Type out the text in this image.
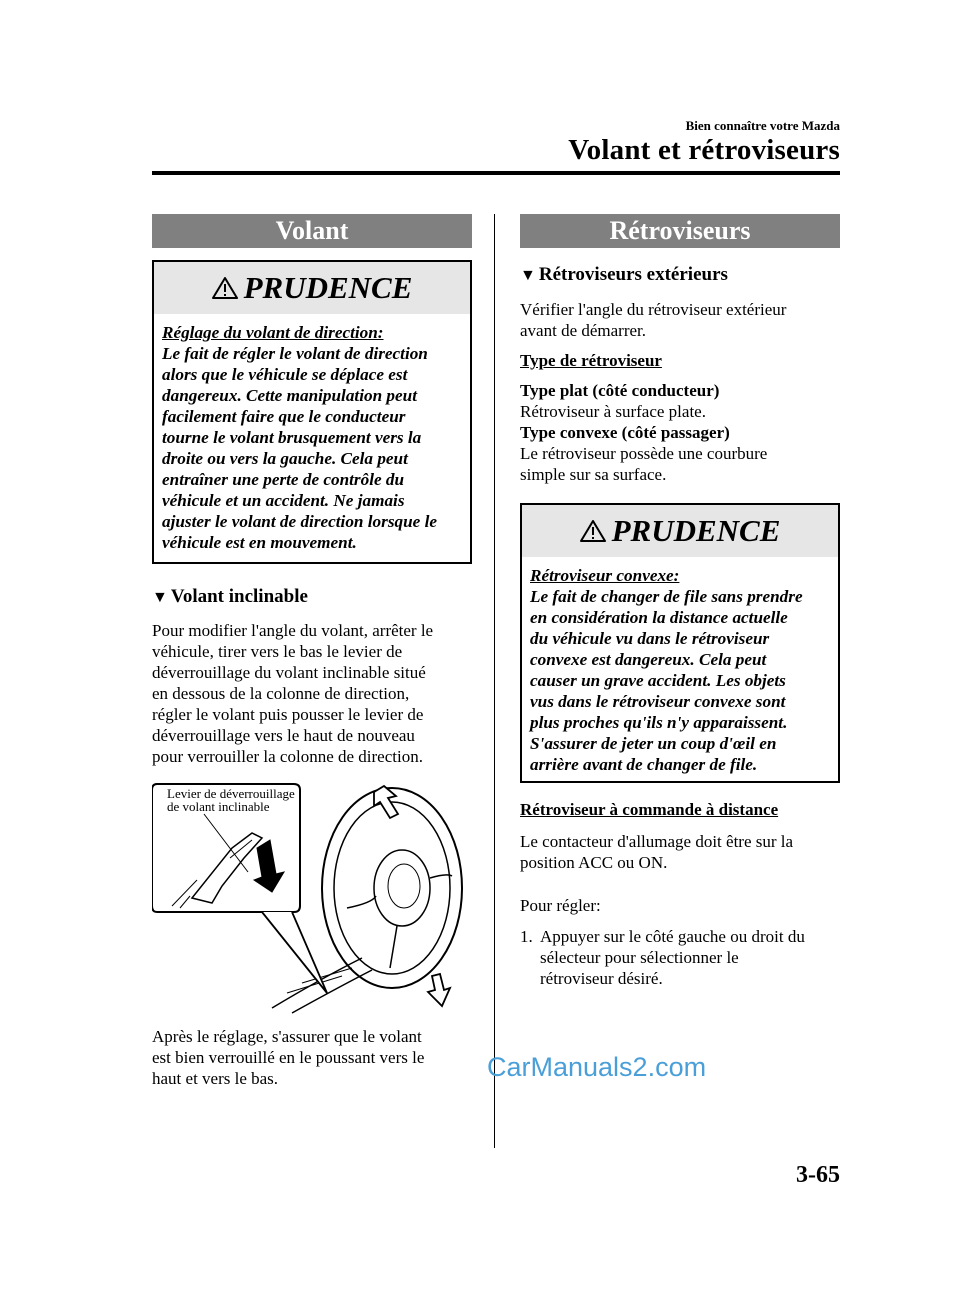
Bien connaître votre Mazda
Volant et rétroviseurs
Volant
PRUDENCE
Réglage du volant de direction:
Le fait de régler le volant de direction
alors que le véhicule se déplace est
dangereux. Cette manipulation peut
facilement faire que le conducteur
tourne le volant brusquement vers la
droite ou vers la gauche. Cela peut
entraîner une perte de contrôle du
véhicule et un accident. Ne jamais
ajuster le volant de direction lorsque le
véhicule est en mouvement.
▼ Volant inclinable
Pour modifier l'angle du volant, arrêter le
véhicule, tirer vers le bas le levier de
déverrouillage du volant inclinable situé
en dessous de la colonne de direction,
régler le volant puis pousser le levier de
déverrouillage vers le haut de nouveau
pour verrouiller la colonne de direction.
Levier de déverrouillage
de volant inclinable
Après le réglage, s'assurer que le volant
est bien verrouillé en le poussant vers le
haut et vers le bas.
Rétroviseurs
▼ Rétroviseurs extérieurs
Vérifier l'angle du rétroviseur extérieur
avant de démarrer.
Type de rétroviseur
Type plat (côté conducteur)
Rétroviseur à surface plate.
Type convexe (côté passager)
Le rétroviseur possède une courbure
simple sur sa surface.
PRUDENCE
Rétroviseur convexe:
Le fait de changer de file sans prendre
en considération la distance actuelle
du véhicule vu dans le rétroviseur
convexe est dangereux. Cela peut
causer un grave accident. Les objets
vus dans le rétroviseur convexe sont
plus proches qu'ils n'y apparaissent.
S'assurer de jeter un coup d'œil en
arrière avant de changer de file.
Rétroviseur à commande à distance
Le contacteur d'allumage doit être sur la
position ACC ou ON.
Pour régler:
1. Appuyer sur le côté gauche ou droit du
sélecteur pour sélectionner le
rétroviseur désiré.
CarManuals2.com
3-65
